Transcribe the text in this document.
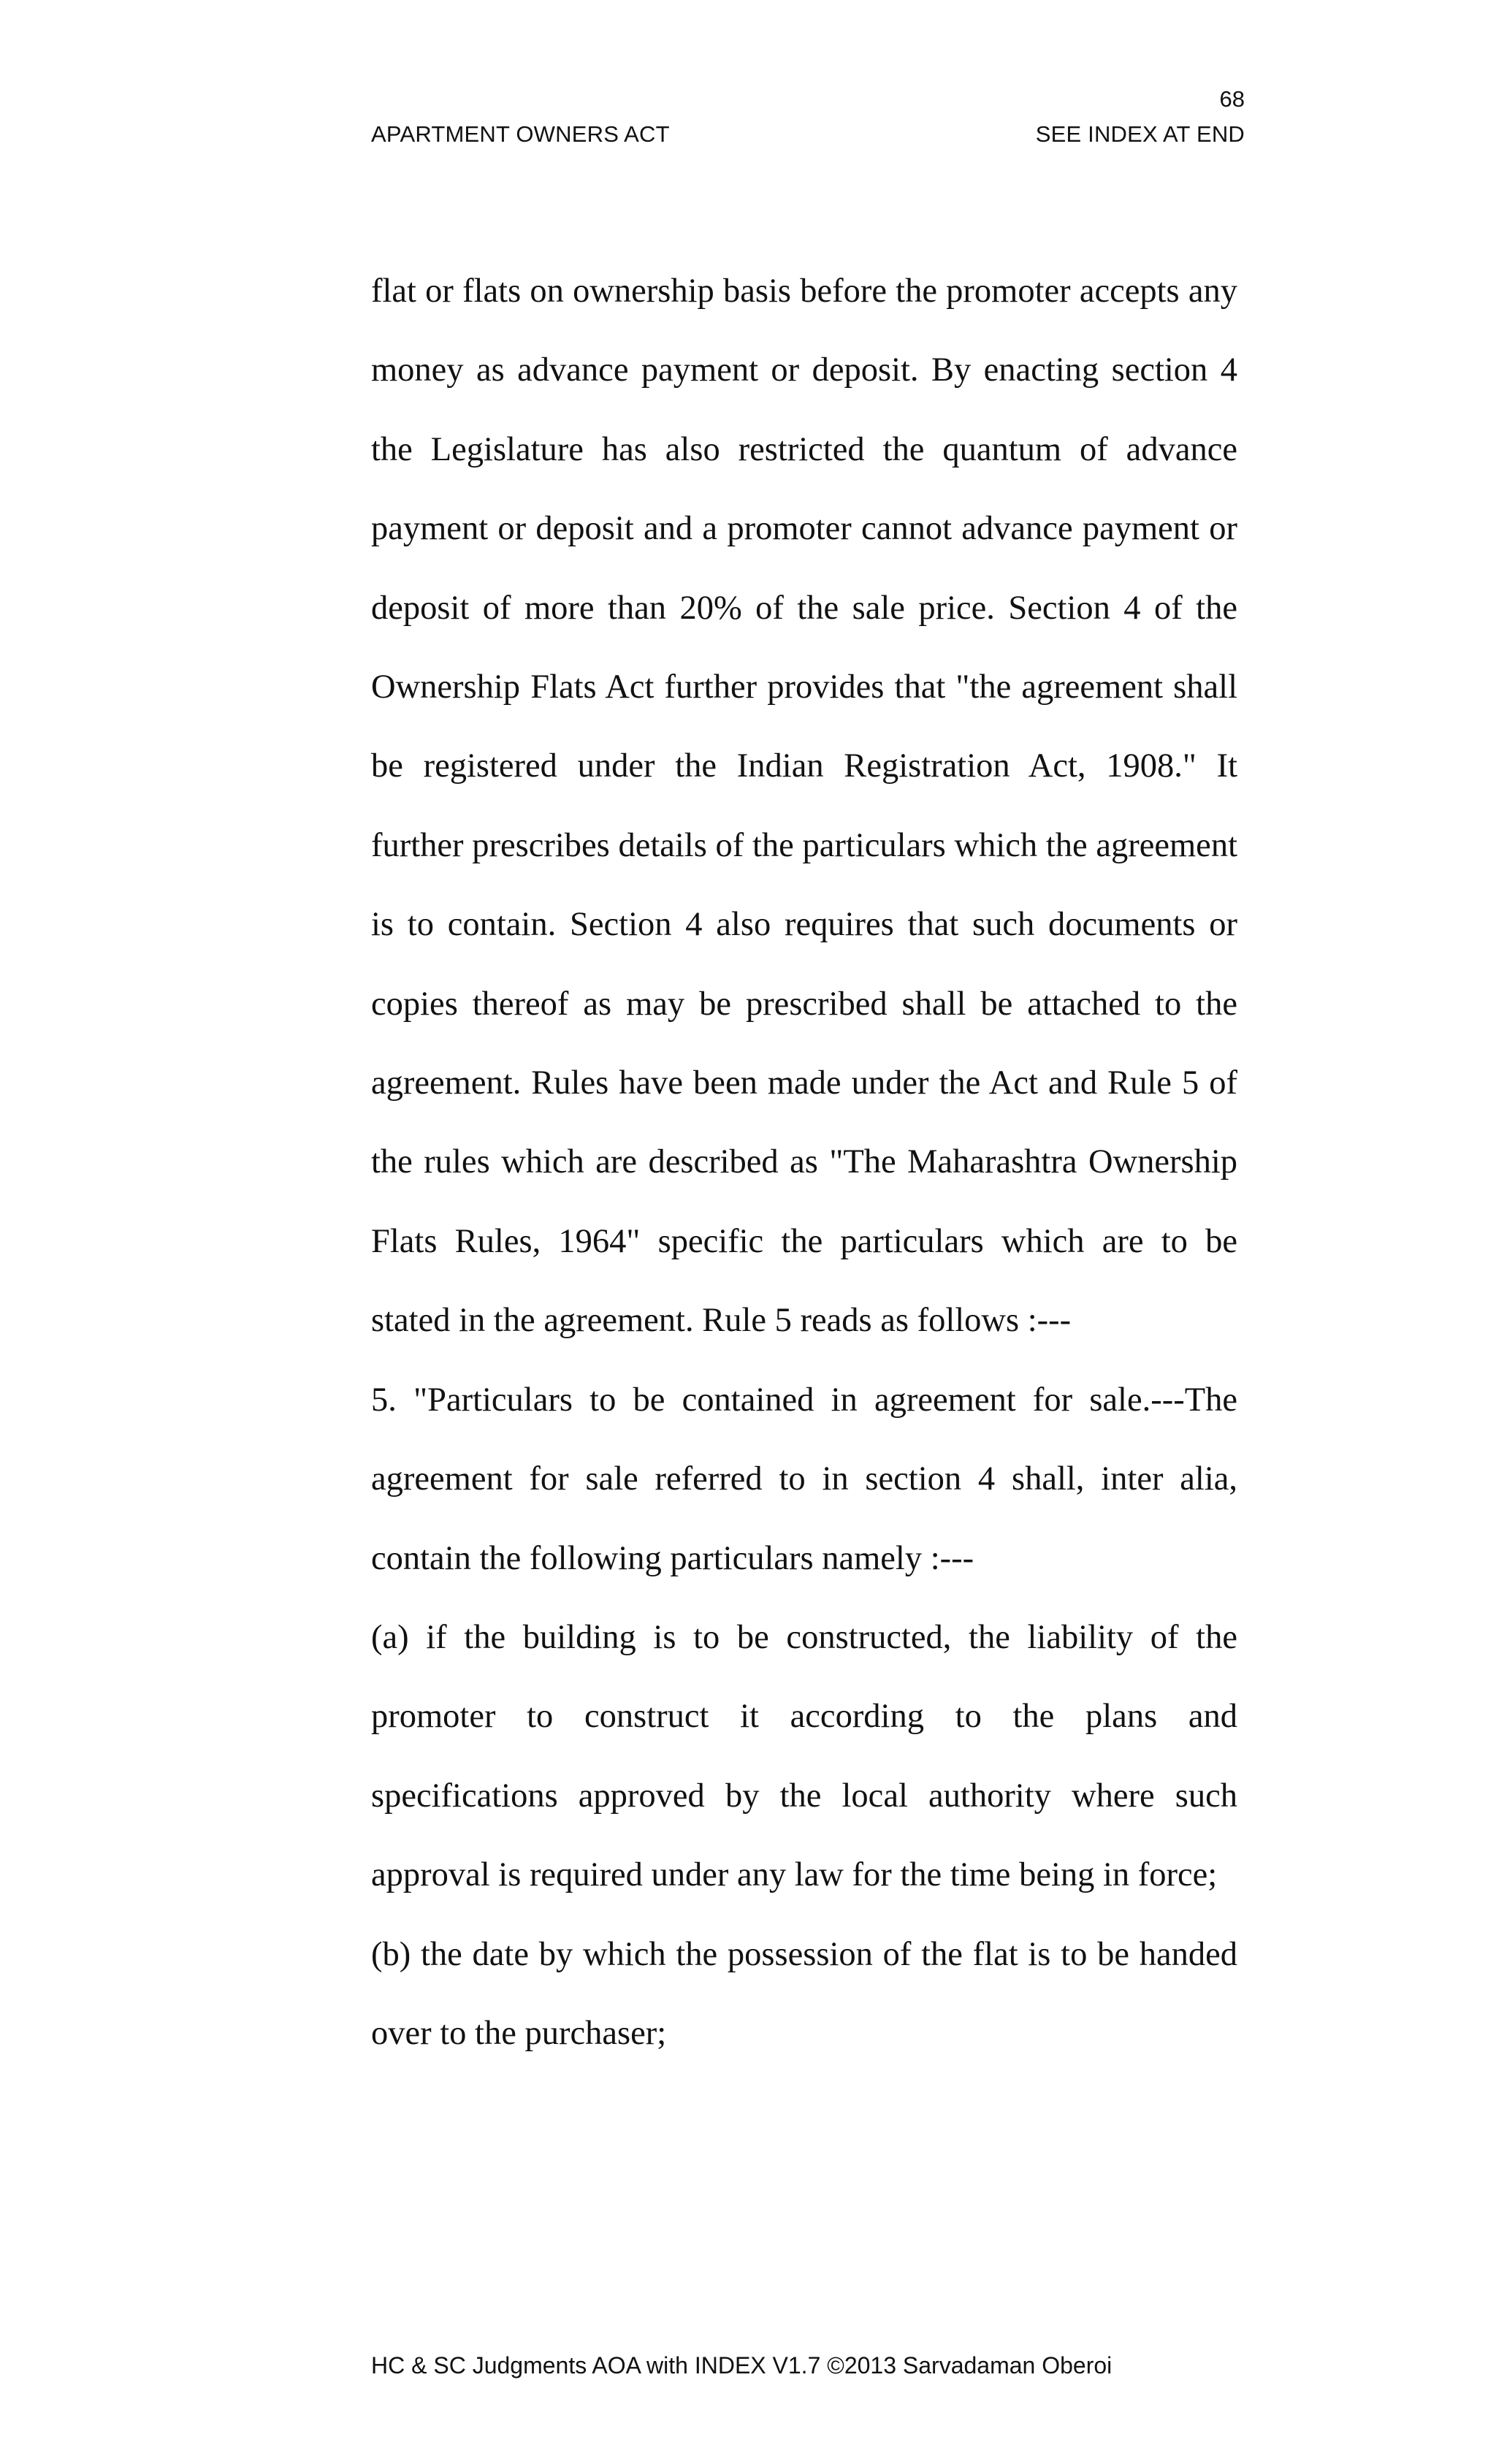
68
APARTMENT OWNERS ACT	SEE INDEX AT END

flat or flats on ownership basis before the promoter accepts any money as advance payment or deposit. By enacting section 4 the Legislature has also restricted the quantum of advance payment or deposit and a promoter cannot advance payment or deposit of more than 20% of the sale price. Section 4 of the Ownership Flats Act further provides that "the agreement shall be registered under the Indian Registration Act, 1908." It further prescribes details of the particulars which the agreement is to contain. Section 4 also requires that such documents or copies thereof as may be prescribed shall be attached to the agreement. Rules have been made under the Act and Rule 5 of the rules which are described as "The Maharashtra Ownership Flats Rules, 1964" specific the particulars which are to be stated in the agreement. Rule 5 reads as follows :---

5. "Particulars to be contained in agreement for sale.---The agreement for sale referred to in section 4 shall, inter alia, contain the following particulars namely :---

(a) if the building is to be constructed, the liability of the promoter to construct it according to the plans and specifications approved by the local authority where such approval is required under any law for the time being in force;

(b) the date by which the possession of the flat is to be handed over to the purchaser;

HC & SC Judgments AOA with INDEX V1.7 ©2013 Sarvadaman Oberoi
